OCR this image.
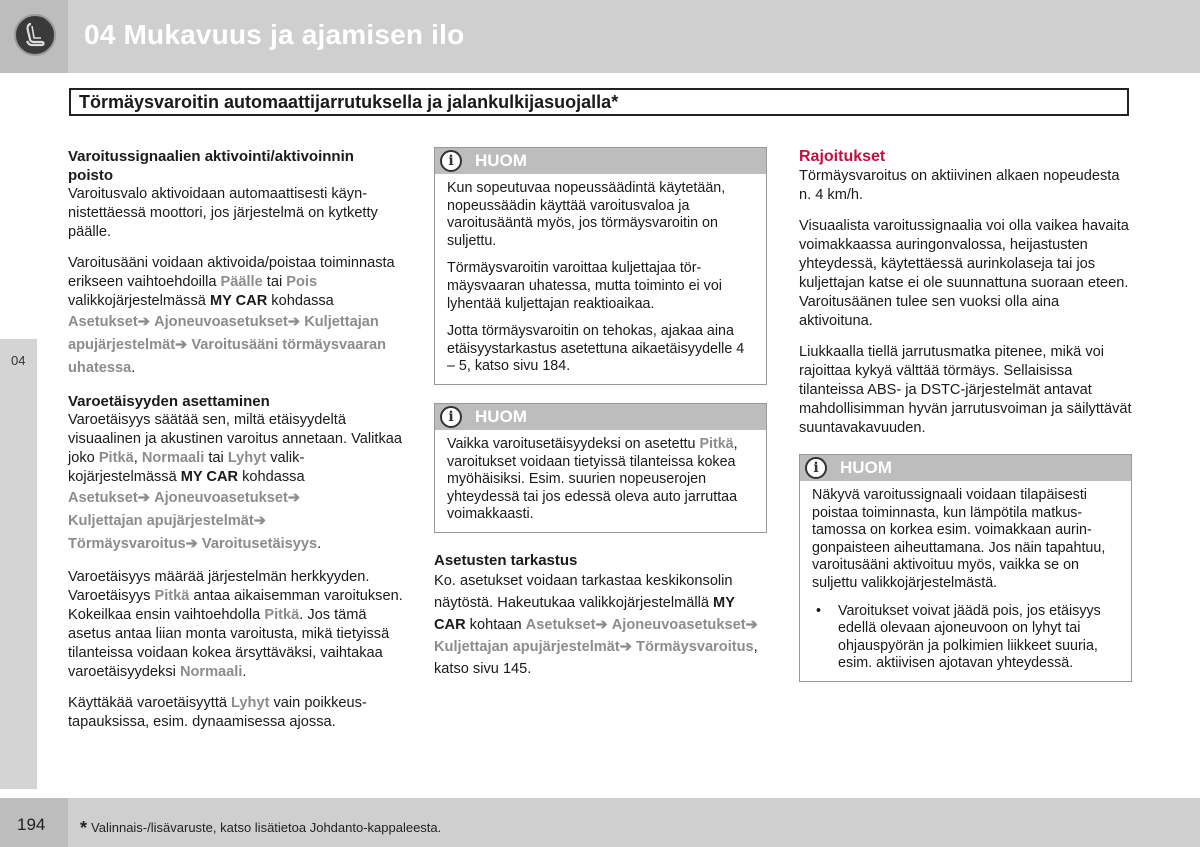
04 Mukavuus ja ajamisen ilo
Törmäysvaroitin automaattijarrutuksella ja jalankulkijasuojalla*
04

Varoitussignaalien aktivointi/aktivoinnin poisto

Varoitusvalo aktivoidaan automaattisesti käynnistettäessä moottori, jos järjestelmä on kytketty päälle.

Varoitusääni voidaan aktivoida/poistaa toiminnasta erikseen vaihtoehdoilla Päälle tai Pois valikkojärjestelmässä MY CAR kohdassa

Asetukset➔ Ajoneuvoasetukset➔ Kuljettajan apujärjestelmät➔ Varoitusääni törmäysvaaran uhatessa.

Varoetäisyyden asettaminen

Varoetäisyys säätää sen, miltä etäisyydeltä visuaalinen ja akustinen varoitus annetaan. Valitkaa joko Pitkä, Normaali tai Lyhyt valikkojärjestelmässä MY CAR kohdassa

Asetukset➔ Ajoneuvoasetukset➔
Kuljettajan apujärjestelmät➔
Törmäysvaroitus➔ Varoitusetäisyys.

Varoetäisyys määrää järjestelmän herkkyyden. Varoetäisyys Pitkä antaa aikaisemman varoituksen. Kokeilkaa ensin vaihtoehdolla Pitkä. Jos tämä asetus antaa liian monta varoitusta, mikä tietyissä tilanteissa voidaan kokea ärsyttäväksi, vaihtakaa varoetäisyydeksi Normaali.

Käyttäkää varoetäisyyttä Lyhyt vain poikkeustapauksissa, esim. dynaamisessa ajossa.

i	HUOM

Kun sopeutuvaa nopeussäädintä käytetään, nopeussäädin käyttää varoitusvaloa ja varoitusääntä myös, jos törmäysvaroitin on suljettu.

Törmäysvaroitin varoittaa kuljettajaa törmäysvaaran uhatessa, mutta toiminto ei voi lyhentää kuljettajan reaktioaikaa.

Jotta törmäysvaroitin on tehokas, ajakaa aina etäisyystarkastus asetettuna aikaetäisyydelle 4 – 5, katso sivu 184.

i	HUOM

Vaikka varoitusetäisyydeksi on asetettu Pitkä, varoitukset voidaan tietyissä tilanteissa kokea myöhäisiksi. Esim. suurien nopeuserojen yhteydessä tai jos edessä oleva auto jarruttaa voimakkaasti.

Asetusten tarkastus

Ko. asetukset voidaan tarkastaa keskikonsolin näytöstä. Hakeutukaa valikkojärjestelmällä MY CAR kohtaan Asetukset➔ Ajoneuvoasetukset➔ Kuljettajan apujärjestelmät➔ Törmäysvaroitus, katso sivu 145.

Rajoitukset

Törmäysvaroitus on aktiivinen alkaen nopeudesta n. 4 km/h.

Visuaalista varoitussignaalia voi olla vaikea havaita voimakkaassa auringonvalossa, heijastusten yhteydessä, käytettäessä aurinkolaseja tai jos kuljettajan katse ei ole suunnattuna suoraan eteen. Varoitusäänen tulee sen vuoksi olla aina aktivoituna.

Liukkaalla tiellä jarrutusmatka pitenee, mikä voi rajoittaa kykyä välttää törmäys. Sellaisissa tilanteissa ABS- ja DSTC-järjestelmät antavat mahdollisimman hyvän jarrutusvoiman ja säilyttävät suuntavakavuuden.

i	HUOM

Näkyvä varoitussignaali voidaan tilapäisesti poistaa toiminnasta, kun lämpötila matkustamossa on korkea esim. voimakkaan auringonpaisteen aiheuttamana. Jos näin tapahtuu, varoitusääni aktivoituu myös, vaikka se on suljettu valikkojärjestelmästä.

• Varoitukset voivat jäädä pois, jos etäisyys edellä olevaan ajoneuvoon on lyhyt tai ohjauspyörän ja polkimien liikkeet suuria, esim. aktiivisen ajotavan yhteydessä.
194 * Valinnais-/lisävaruste, katso lisätietoa Johdanto-kappaleesta.
